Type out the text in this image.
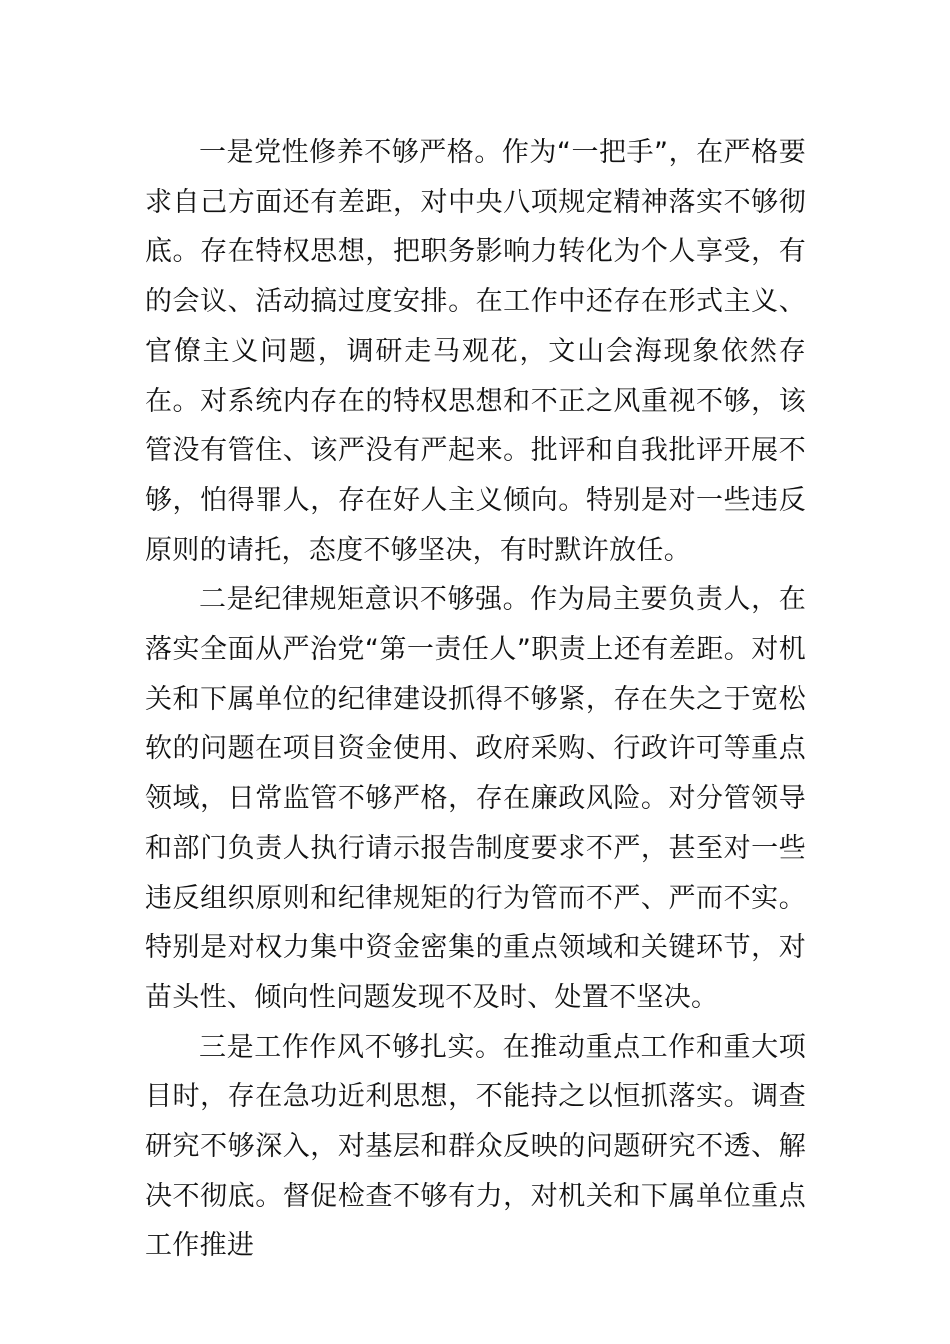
一是党性修养不够严格。作为“一把手”，在严格要求自己方面还有差距，对中央八项规定精神落实不够彻底。存在特权思想，把职务影响力转化为个人享受，有的会议、活动搞过度安排。在工作中还存在形式主义、官僚主义问题，调研走马观花，文山会海现象依然存在。对系统内存在的特权思想和不正之风重视不够，该管没有管住、该严没有严起来。批评和自我批评开展不够，怕得罪人，存在好人主义倾向。特别是对一些违反原则的请托，态度不够坚决，有时默许放任。

二是纪律规矩意识不够强。作为局主要负责人，在落实全面从严治党“第一责任人”职责上还有差距。对机关和下属单位的纪律建设抓得不够紧，存在失之于宽松软的问题在项目资金使用、政府采购、行政许可等重点领域，日常监管不够严格，存在廉政风险。对分管领导和部门负责人执行请示报告制度要求不严，甚至对一些违反组织原则和纪律规矩的行为管而不严、严而不实。特别是对权力集中资金密集的重点领域和关键环节，对苗头性、倾向性问题发现不及时、处置不坚决。

三是工作作风不够扎实。在推动重点工作和重大项目时，存在急功近利思想，不能持之以恒抓落实。调查研究不够深入，对基层和群众反映的问题研究不透、解决不彻底。督促检查不够有力，对机关和下属单位重点工作推进
